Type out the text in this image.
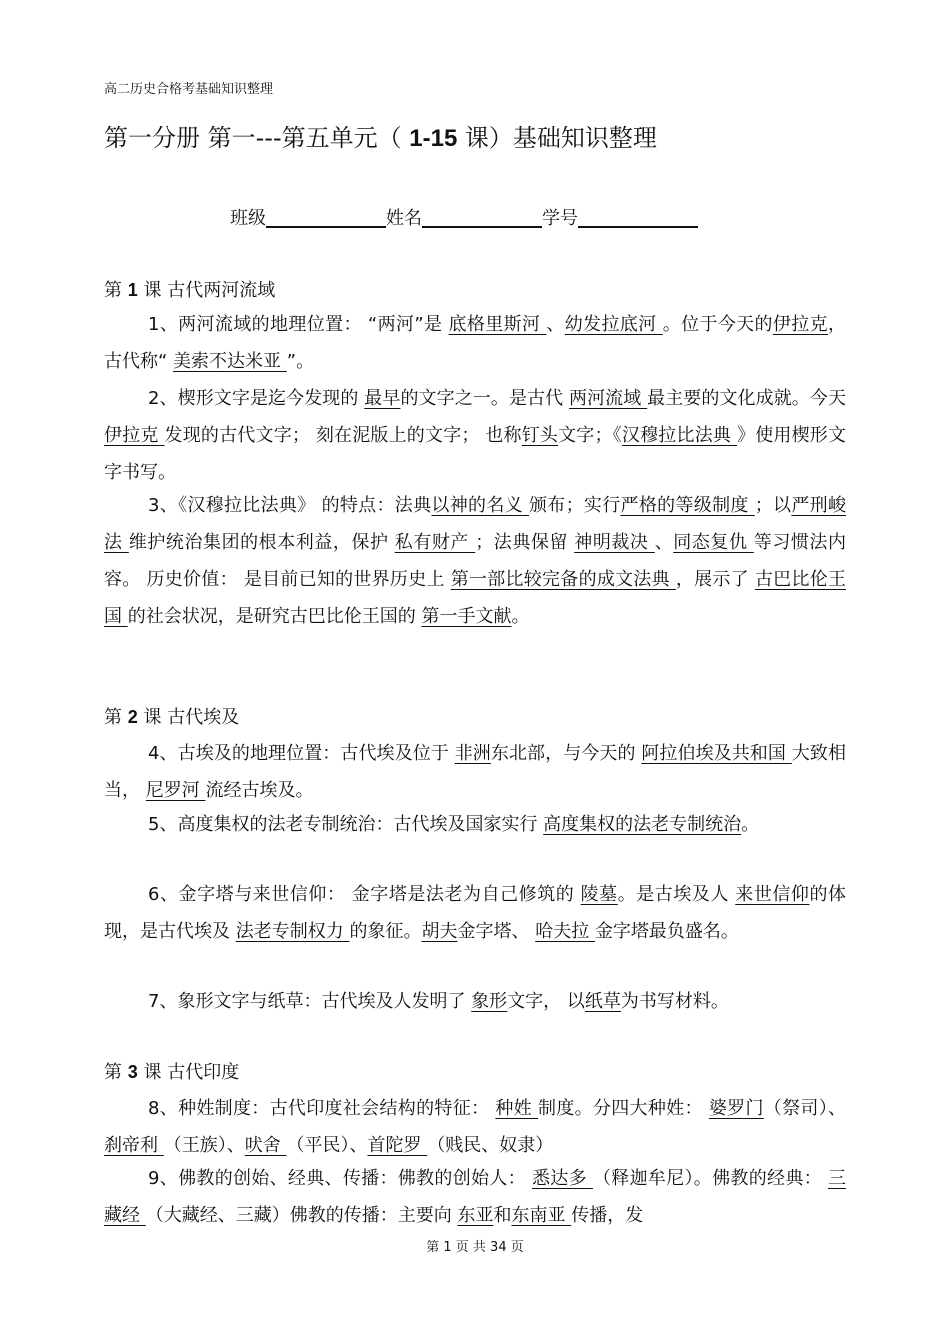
高二历史合格考基础知识整理
第一分册 第一---第五单元（ 1-15 课）基础知识整理
班级	姓名	学号
第 1 课 古代两河流域
1、两河流域的地理位置： “两河”是 底格里斯河 、幼发拉底河 。位于今天的伊拉克，古代称“ 美索不达米亚 ”。
2、楔形文字是迄今发现的 最早的文字之一。是古代 两河流域 最主要的文化成就。今天伊拉克 发现的古代文字； 刻在泥版上的文字； 也称钉头文字；《汉穆拉比法典 》使用楔形文字书写。
3、《汉穆拉比法典》 的特点：法典以神的名义 颁布；实行严格的等级制度 ；以严刑峻法 维护统治集团的根本利益，保护 私有财产 ；法典保留 神明裁决 、同态复仇 等习惯法内容。 历史价值： 是目前已知的世界历史上 第一部比较完备的成文法典 ，展示了 古巴比伦王国 的社会状况，是研究古巴比伦王国的 第一手文献。
第 2 课 古代埃及
4、古埃及的地理位置：古代埃及位于 非洲东北部，与今天的 阿拉伯埃及共和国 大致相当， 尼罗河 流经古埃及。
5、高度集权的法老专制统治：古代埃及国家实行 高度集权的法老专制统治。
6、金字塔与来世信仰： 金字塔是法老为自己修筑的 陵墓。是古埃及人 来世信仰的体现，是古代埃及 法老专制权力 的象征。胡夫金字塔、 哈夫拉 金字塔最负盛名。
7、象形文字与纸草：古代埃及人发明了 象形文字， 以纸草为书写材料。
第 3 课 古代印度
8、种姓制度：古代印度社会结构的特征： 种姓 制度。分四大种姓： 婆罗门（祭司）、刹帝利 （王族）、吠舍 （平民）、首陀罗 （贱民、奴隶）
9、佛教的创始、经典、传播：佛教的创始人： 悉达多 （释迦牟尼）。佛教的经典： 三藏经 （大藏经、三藏）佛教的传播：主要向 东亚和东南亚 传播，发
第 1 页 共 34 页
